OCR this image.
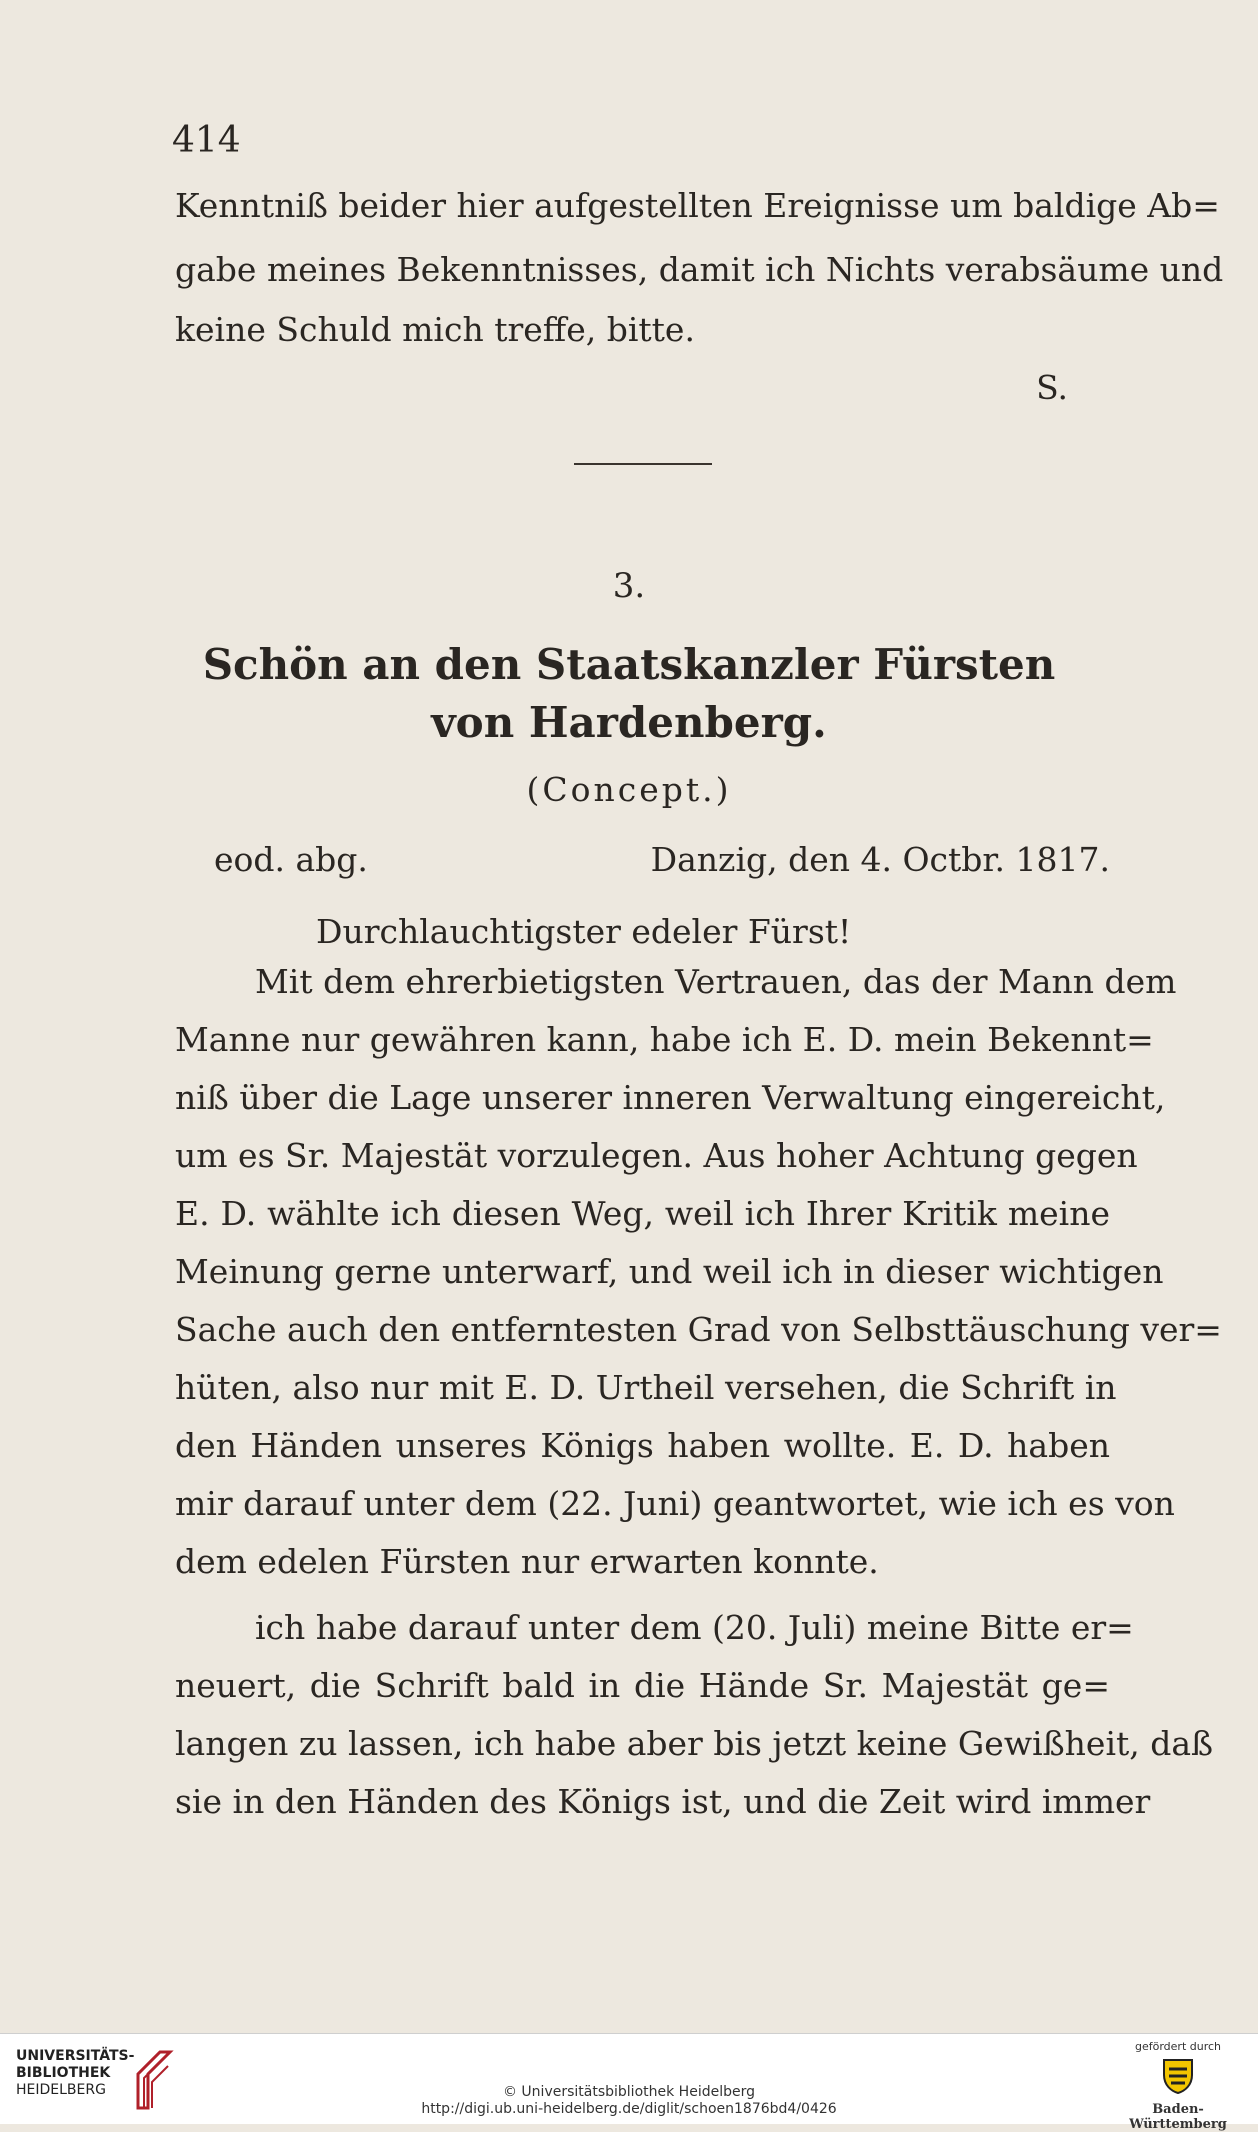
414
Kenntniß beider hier aufgestellten Ereignisse um baldige Ab=
gabe meines Bekenntnisses, damit ich Nichts verabsäume und
keine Schuld mich treffe, bitte.
S.
3.
Schön an den Staatskanzler Fürsten
von Hardenberg.
(Concept.)
eod. abg.	Danzig, den 4. Octbr. 1817.
Durchlauchtigster edeler Fürst!
Mit dem ehrerbietigsten Vertrauen, das der Mann dem
Manne nur gewähren kann, habe ich E. D. mein Bekennt=
niß über die Lage unserer inneren Verwaltung eingereicht,
um es Sr. Majestät vorzulegen. Aus hoher Achtung gegen
E. D. wählte ich diesen Weg, weil ich Ihrer Kritik meine
Meinung gerne unterwarf, und weil ich in dieser wichtigen
Sache auch den entferntesten Grad von Selbsttäuschung ver=
hüten, also nur mit E. D. Urtheil versehen, die Schrift in
den Händen unseres Königs haben wollte. E. D. haben
mir darauf unter dem (22. Juni) geantwortet, wie ich es von
dem edelen Fürsten nur erwarten konnte.
ich habe darauf unter dem (20. Juli) meine Bitte er=
neuert, die Schrift bald in die Hände Sr. Majestät ge=
langen zu lassen, ich habe aber bis jetzt keine Gewißheit, daß
sie in den Händen des Königs ist, und die Zeit wird immer
UNIVERSITÄTS-
BIBLIOTHEK
HEIDELBERG	© Universitätsbibliothek Heidelberg
http://digi.ub.uni-heidelberg.de/diglit/schoen1876bd4/0426
gefördert durch
Baden-Württemberg
